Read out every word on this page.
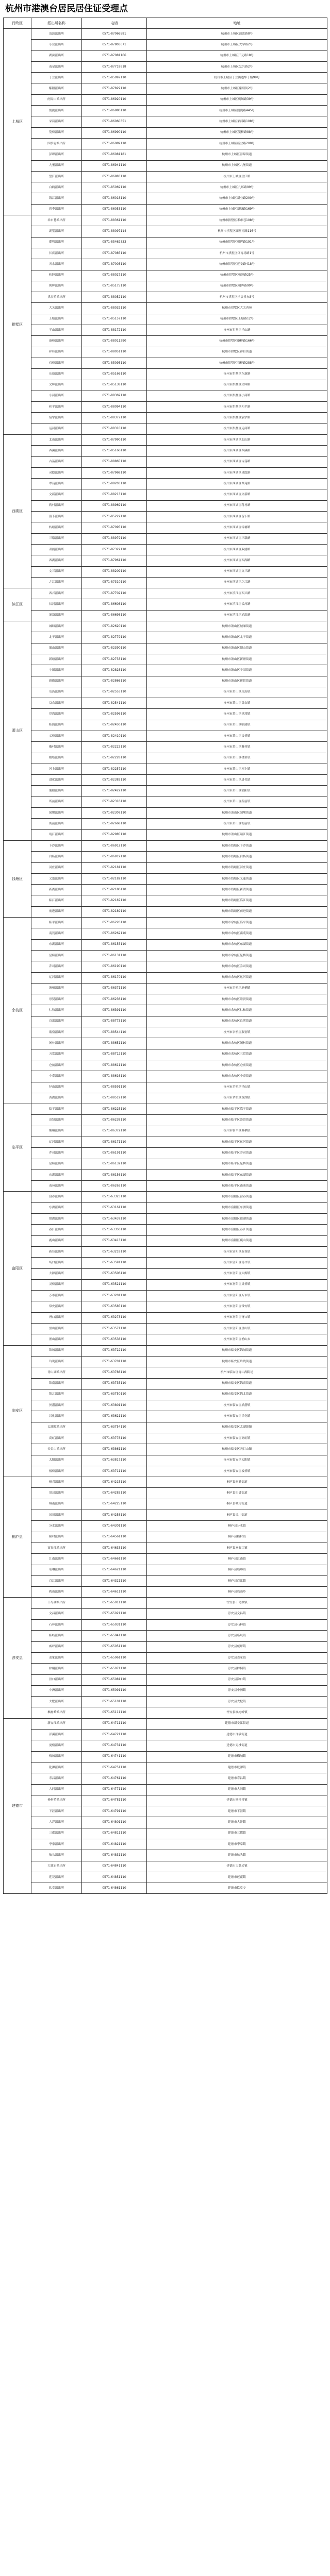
杭州市港澳台居民居住证受理点
行政区	派出所名称	电话	地址
上城区	清波派出所	0571-87066581	杭州市上城区清波路8号
	小营派出所	0571-87803671	杭州市上城区大学路2号
	湖滨派出所	0571-87081166	杭州市上城区开元路18号
	南星派出所	0571-87718818	杭州市上城区复兴路2号
	丁兰派出所	0571-85097110	杭州市上城区丁兰街道华丁路99号
	紫阳派出所	0571-87829110	杭州市上城区紫阳街2号
	闸弄口派出所	0571-86920110	杭州市上城区机场路39号
	凯旋派出所	0571-86980110	杭州市上城区凯旋路445号
	采荷派出所	0571-86060351	杭州市上城区采荷路108号
	笕桥派出所	0571-86990110	杭州市上城区笕桥路88号
	四季青派出所	0571-86089110	杭州市上城区新业路200号
	彭埠派出所	0571-86081181	杭州市上城区彭埠街道
	九堡派出所	0571-86941110	杭州市上城区九堡街道
	望江派出所	0571-86983110	杭州市上城区望江路
	白鹤派出所	0571-85069110	杭州市上城区九环路99号
	钱江派出所	0571-86018110	杭州市上城区新业路200号
	四季派出所	0571-86053110	杭州市上城区新塘路169号
拱墅区	米市巷派出所	0571-88361110	杭州市拱墅区米市巷108号
	湖墅派出所	0571-88097114	杭州市拱墅区湖墅南路116号
	潮鸣派出所	0571-85462333	杭州市拱墅区朝晖路191号
	长庆派出所	0571-87085110	杭州市拱墅区体育场路1号
	天水派出所	0571-87003110	杭州市拱墅区延安路418号
	和睦派出所	0571-88027110	杭州市拱墅区和睦路25号
	朝晖派出所	0571-85175110	杭州市拱墅区朝晖路99号
	拱宸桥派出所	0571-88052110	杭州市拱墅区拱宸桥东8号
	大关派出所	0571-88032110	杭州市拱墅区大关西苑
	上塘派出所	0571-85157110	杭州市拱墅区上塘路12号
	半山派出所	0571-88172110	杭州市拱墅区半山路
	康桥派出所	0571-88011290	杭州市拱墅区康桥路166号
	祥符派出所	0571-88051110	杭州市拱墅区祥符街道
	石桥派出所	0571-85095110	杭州市拱墅区石桥路288号
	东新派出所	0571-85166110	杭州市拱墅区东新路
	文晖派出所	0571-85138110	杭州市拱墅区文晖路
	小河派出所	0571-88369110	杭州市拱墅区小河路
	和平派出所	0571-88094110	杭州市拱墅区和平路
	宸宇派出所	0571-88377110	杭州市拱墅区宸宇路
	运河派出所	0571-88310110	杭州市拱墅区运河路
西湖区	北山派出所	0571-87990110	杭州市西湖区北山路
	西溪派出所	0571-85166110	杭州市西湖区西溪路
	古荡派出所	0571-88865110	杭州市西湖区古荡路
	灵隐派出所	0571-87968110	杭州市西湖区灵隐路
	翠苑派出所	0571-88203110	杭州市西湖区翠苑路
	文新派出所	0571-88213110	杭州市西湖区文新路
	蒋村派出所	0571-88969110	杭州市西湖区蒋村路
	留下派出所	0571-85222110	杭州市西湖区留下路
	转塘派出所	0571-87095110	杭州市西湖区转塘路
	三墩派出所	0571-88979110	杭州市西湖区三墩路
	双浦派出所	0571-87322110	杭州市西湖区双浦路
	西湖派出所	0571-87961110	杭州市西湖区西湖路
	文三派出所	0571-88209110	杭州市西湖区文三路
	之江派出所	0571-87310110	杭州市西湖区之江路
滨江区	西兴派出所	0571-87702110	杭州市滨江区西兴路
	长河派出所	0571-86608110	杭州市滨江区长河路
	浦沿派出所	0571-86698110	杭州市滨江区浦沿路
萧山区	城厢派出所	0571-82620110	杭州市萧山区城厢街道
	北干派出所	0571-82779110	杭州市萧山区北干街道
	蜀山派出所	0571-82390110	杭州市萧山区蜀山街道
	新塘派出所	0571-82733110	杭州市萧山区新塘街道
	宁围派出所	0571-82828110	杭州市萧山区宁围街道
	新街派出所	0571-82866110	杭州市萧山区新街街道
	瓜沥派出所	0571-82553110	杭州市萧山区瓜沥镇
	益农派出所	0571-82541110	杭州市萧山区益农镇
	党湾派出所	0571-82596110	杭州市萧山区党湾镇
	临浦派出所	0571-82450110	杭州市萧山区临浦镇
	义桥派出所	0571-82410110	杭州市萧山区义桥镇
	戴村派出所	0571-82222110	杭州市萧山区戴村镇
	楼塔派出所	0571-82228110	杭州市萧山区楼塔镇
	河上派出所	0571-82257110	杭州市萧山区河上镇
	进化派出所	0571-82383110	杭州市萧山区进化镇
	浦阳派出所	0571-82422110	杭州市萧山区浦阳镇
	所前派出所	0571-82316110	杭州市萧山区所前镇
	闻堰派出所	0571-82307110	杭州市萧山区闻堰街道
	衙前派出所	0571-82668110	杭州市萧山区衙前镇
	靖江派出所	0571-82985110	杭州市萧山区靖江街道
钱塘区	下沙派出所	0571-86912110	杭州市钱塘区下沙街道
	白杨派出所	0571-86919110	杭州市钱塘区白杨街道
	河庄派出所	0571-82181110	杭州市钱塘区河庄街道
	义蓬派出所	0571-82182110	杭州市钱塘区义蓬街道
	新湾派出所	0571-82186110	杭州市钱塘区新湾街道
	临江派出所	0571-82187110	杭州市钱塘区临江街道
	前进派出所	0571-82189110	杭州市钱塘区前进街道
余杭区	临平派出所	0571-86220110	杭州市余杭区临平街道
	南苑派出所	0571-86262110	杭州市余杭区南苑街道
	东湖派出所	0571-86155110	杭州市余杭区东湖街道
	星桥派出所	0571-86131110	杭州市余杭区星桥街道
	乔司派出所	0571-86190110	杭州市余杭区乔司街道
	运河派出所	0571-86170110	杭州市余杭区运河街道
	塘栖派出所	0571-86371110	杭州市余杭区塘栖镇
	崇贤派出所	0571-86236110	杭州市余杭区崇贤街道
	仁和派出所	0571-86391110	杭州市余杭区仁和街道
	良渚派出所	0571-88773110	杭州市余杭区良渚街道
	瓶窑派出所	0571-88544110	杭州市余杭区瓶窑镇
	闲林派出所	0571-88651110	杭州市余杭区闲林街道
	五常派出所	0571-88712110	杭州市余杭区五常街道
	仓前派出所	0571-88611110	杭州市余杭区仓前街道
	中泰派出所	0571-88616110	杭州市余杭区中泰街道
	径山派出所	0571-88591110	杭州市余杭区径山镇
	黄湖派出所	0571-88519110	杭州市余杭区黄湖镇
临平区	临平派出所	0571-86225110	杭州市临平区临平街道
	崇贤派出所	0571-86238110	杭州市临平区崇贤街道
	塘栖派出所	0571-86372110	杭州市临平区塘栖镇
	运河派出所	0571-86171110	杭州市临平区运河街道
	乔司派出所	0571-86191110	杭州市临平区乔司街道
	星桥派出所	0571-86132110	杭州市临平区星桥街道
	东湖派出所	0571-86156110	杭州市临平区东湖街道
	南苑派出所	0571-86263110	杭州市临平区南苑街道
富阳区	富春派出所	0571-63323110	杭州市富阳区富春街道
	东洲派出所	0571-63161110	杭州市富阳区东洲街道
	银湖派出所	0571-63437110	杭州市富阳区银湖街道
	春江派出所	0571-63350110	杭州市富阳区春江街道
	鹿山派出所	0571-63413110	杭州市富阳区鹿山街道
	新登派出所	0571-63218110	杭州市富阳区新登镇
	场口派出所	0571-63591110	杭州市富阳区场口镇
	大源派出所	0571-63506110	杭州市富阳区大源镇
	灵桥派出所	0571-63521110	杭州市富阳区灵桥镇
	万市派出所	0571-63201110	杭州市富阳区万市镇
	常安派出所	0571-63585110	杭州市富阳区常安镇
	胥口派出所	0571-63273110	杭州市富阳区胥口镇
	里山派出所	0571-63571110	杭州市富阳区里山镇
	渔山派出所	0571-63538110	杭州市富阳区渔山乡
临安区	锦城派出所	0571-63722110	杭州市临安区锦城街道
	玲珑派出所	0571-63701110	杭州市临安区玲珑街道
	青山湖派出所	0571-63788110	杭州市临安区青山湖街道
	锦南派出所	0571-63735110	杭州市临安区锦南街道
	锦北派出所	0571-63750110	杭州市临安区锦北街道
	於潜派出所	0571-63801110	杭州市临安区於潜镇
	昌化派出所	0571-63621110	杭州市临安区昌化镇
	太湖源派出所	0571-63754110	杭州市临安区太湖源镇
	高虹派出所	0571-63778110	杭州市临安区高虹镇
	天目山派出所	0571-63861110	杭州市临安区天目山镇
	太阳派出所	0571-63817110	杭州市临安区太阳镇
	板桥派出所	0571-63711110	杭州市临安区板桥镇
桐庐县	桐君派出所	0571-64215110	桐庐县桐君街道
	旧县派出所	0571-64283110	桐庐县旧县街道
	城南派出所	0571-64225110	桐庐县城南街道
	凤川派出所	0571-64258110	桐庐县凤川街道
	分水派出所	0571-64301110	桐庐县分水镇
	横村派出所	0571-64561110	桐庐县横村镇
	富春江派出所	0571-64633110	桐庐县富春江镇
	江南派出所	0571-64661110	桐庐县江南镇
	瑶琳派出所	0571-64621110	桐庐县瑶琳镇
	百江派出所	0571-64321110	桐庐县百江镇
	莪山派出所	0571-64611110	桐庐县莪山乡
淳安县	千岛湖派出所	0571-65011110	淳安县千岛湖镇
	文昌派出所	0571-65021110	淳安县文昌镇
	石林派出所	0571-65031110	淳安县石林镇
	临岐派出所	0571-65041110	淳安县临岐镇
	威坪派出所	0571-65051110	淳安县威坪镇
	姜家派出所	0571-65061110	淳安县姜家镇
	梓桐派出所	0571-65071110	淳安县梓桐镇
	汾口派出所	0571-65081110	淳安县汾口镇
	中洲派出所	0571-65091110	淳安县中洲镇
	大墅派出所	0571-65101110	淳安县大墅镇
	枫树岭派出所	0571-65111110	淳安县枫树岭镇
建德市	新安江派出所	0571-64711110	建德市新安江街道
	洋溪派出所	0571-64721110	建德市洋溪街道
	更楼派出所	0571-64731110	建德市更楼街道
	梅城派出所	0571-64741110	建德市梅城镇
	乾潭派出所	0571-64751110	建德市乾潭镇
	寿昌派出所	0571-64761110	建德市寿昌镇
	大同派出所	0571-64771110	建德市大同镇
	杨村桥派出所	0571-64781110	建德市杨村桥镇
	下涯派出所	0571-64791110	建德市下涯镇
	大洋派出所	0571-64801110	建德市大洋镇
	三都派出所	0571-64811110	建德市三都镇
	李家派出所	0571-64821110	建德市李家镇
	航头派出所	0571-64831110	建德市航头镇
	大慈岩派出所	0571-64841110	建德市大慈岩镇
	莲花派出所	0571-64851110	建德市莲花镇
	钦堂派出所	0571-64861110	建德市钦堂乡
